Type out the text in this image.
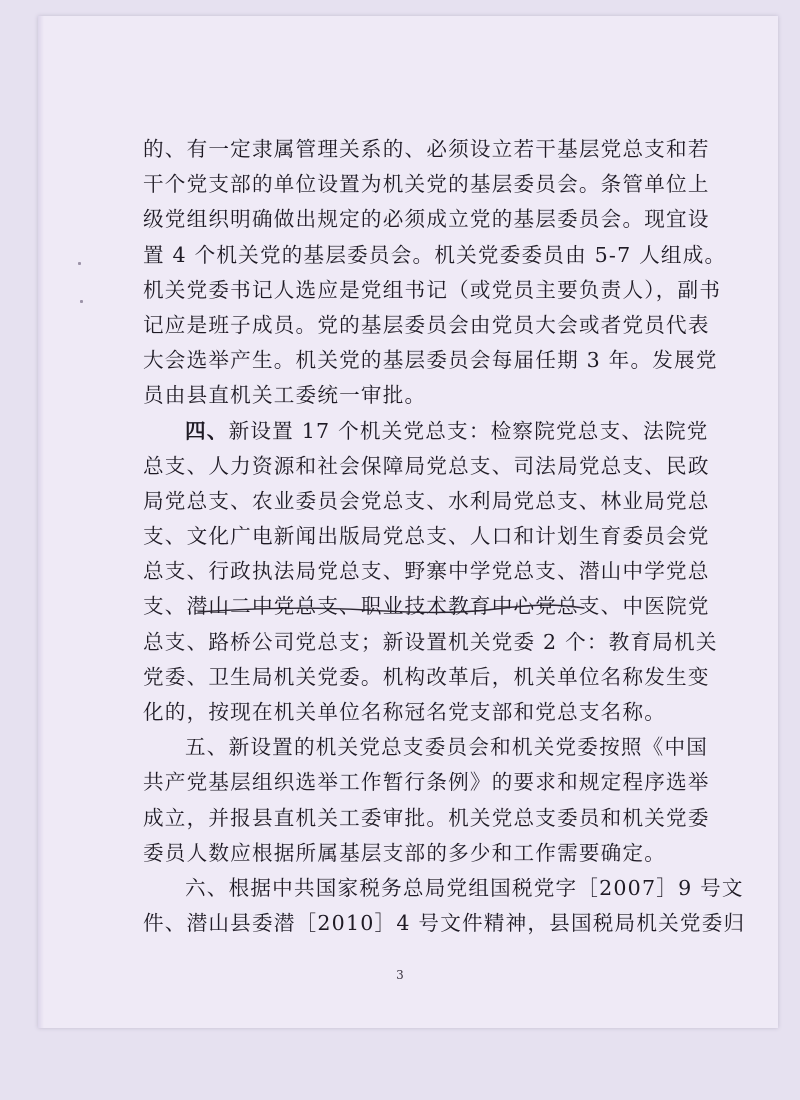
的、有一定隶属管理关系的、必须设立若干基层党总支和若
干个党支部的单位设置为机关党的基层委员会。条管单位上
级党组织明确做出规定的必须成立党的基层委员会。现宜设
置 4 个机关党的基层委员会。机关党委委员由 5-7 人组成。
机关党委书记人选应是党组书记（或党员主要负责人），副书
记应是班子成员。党的基层委员会由党员大会或者党员代表
大会选举产生。机关党的基层委员会每届任期 3 年。发展党
员由县直机关工委统一审批。
四、新设置 17 个机关党总支：检察院党总支、法院党
总支、人力资源和社会保障局党总支、司法局党总支、民政
局党总支、农业委员会党总支、水利局党总支、林业局党总
支、文化广电新闻出版局党总支、人口和计划生育委员会党
总支、行政执法局党总支、野寨中学党总支、潜山中学党总
支、潜山二中党总支、职业技术教育中心党总支、中医院党
总支、路桥公司党总支；新设置机关党委 2 个：教育局机关
党委、卫生局机关党委。机构改革后，机关单位名称发生变
化的，按现在机关单位名称冠名党支部和党总支名称。
五、新设置的机关党总支委员会和机关党委按照《中国
共产党基层组织选举工作暂行条例》的要求和规定程序选举
成立，并报县直机关工委审批。机关党总支委员和机关党委
委员人数应根据所属基层支部的多少和工作需要确定。
六、根据中共国家税务总局党组国税党字［2007］9 号文
件、潜山县委潜［2010］4 号文件精神，县国税局机关党委归
3
